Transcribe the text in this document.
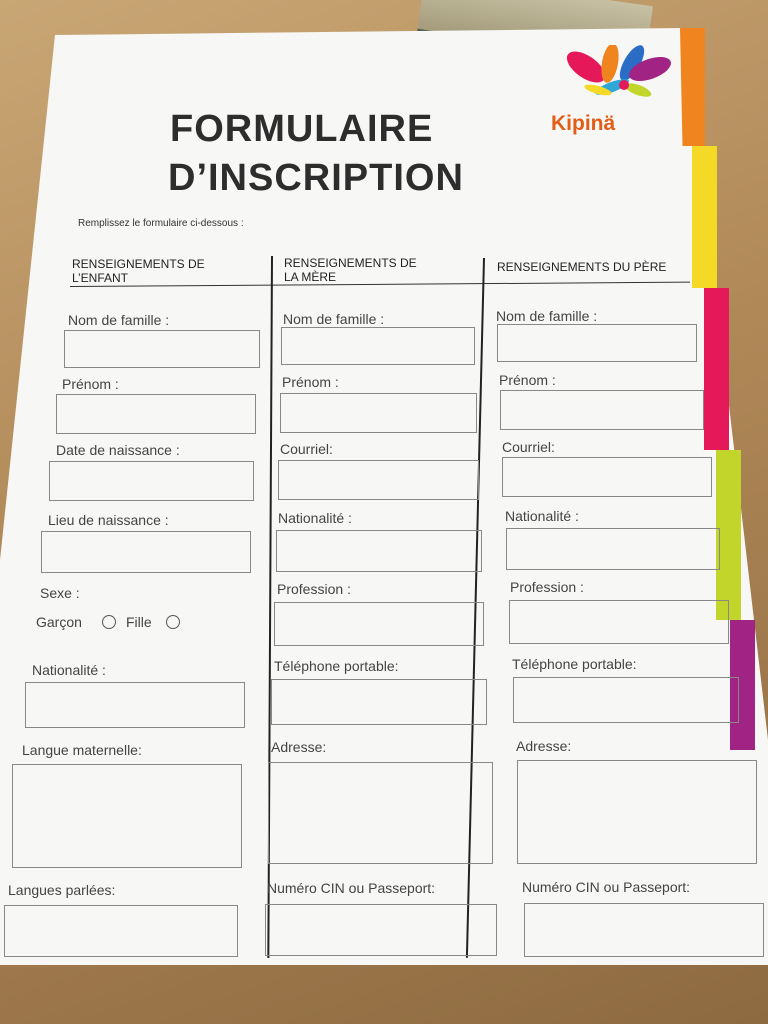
Kipinä
FORMULAIRE
D’INSCRIPTION
Remplissez le formulaire ci-dessous :
RENSEIGNEMENTS DE
L’ENFANT
RENSEIGNEMENTS DE
LA MÈRE
RENSEIGNEMENTS DU PÈRE
Nom de famille :
Prénom :
Date de naissance :
Lieu de naissance :
Sexe :
Garçon	Fille
Nationalité :
Langue maternelle:
Langues parlées:
Nom de famille :
Prénom :
Courriel:
Nationalité :
Profession :
Téléphone portable:
Adresse:
Numéro CIN ou Passeport:
Nom de famille :
Prénom :
Courriel:
Nationalité :
Profession :
Téléphone portable:
Adresse:
Numéro CIN ou Passeport:
